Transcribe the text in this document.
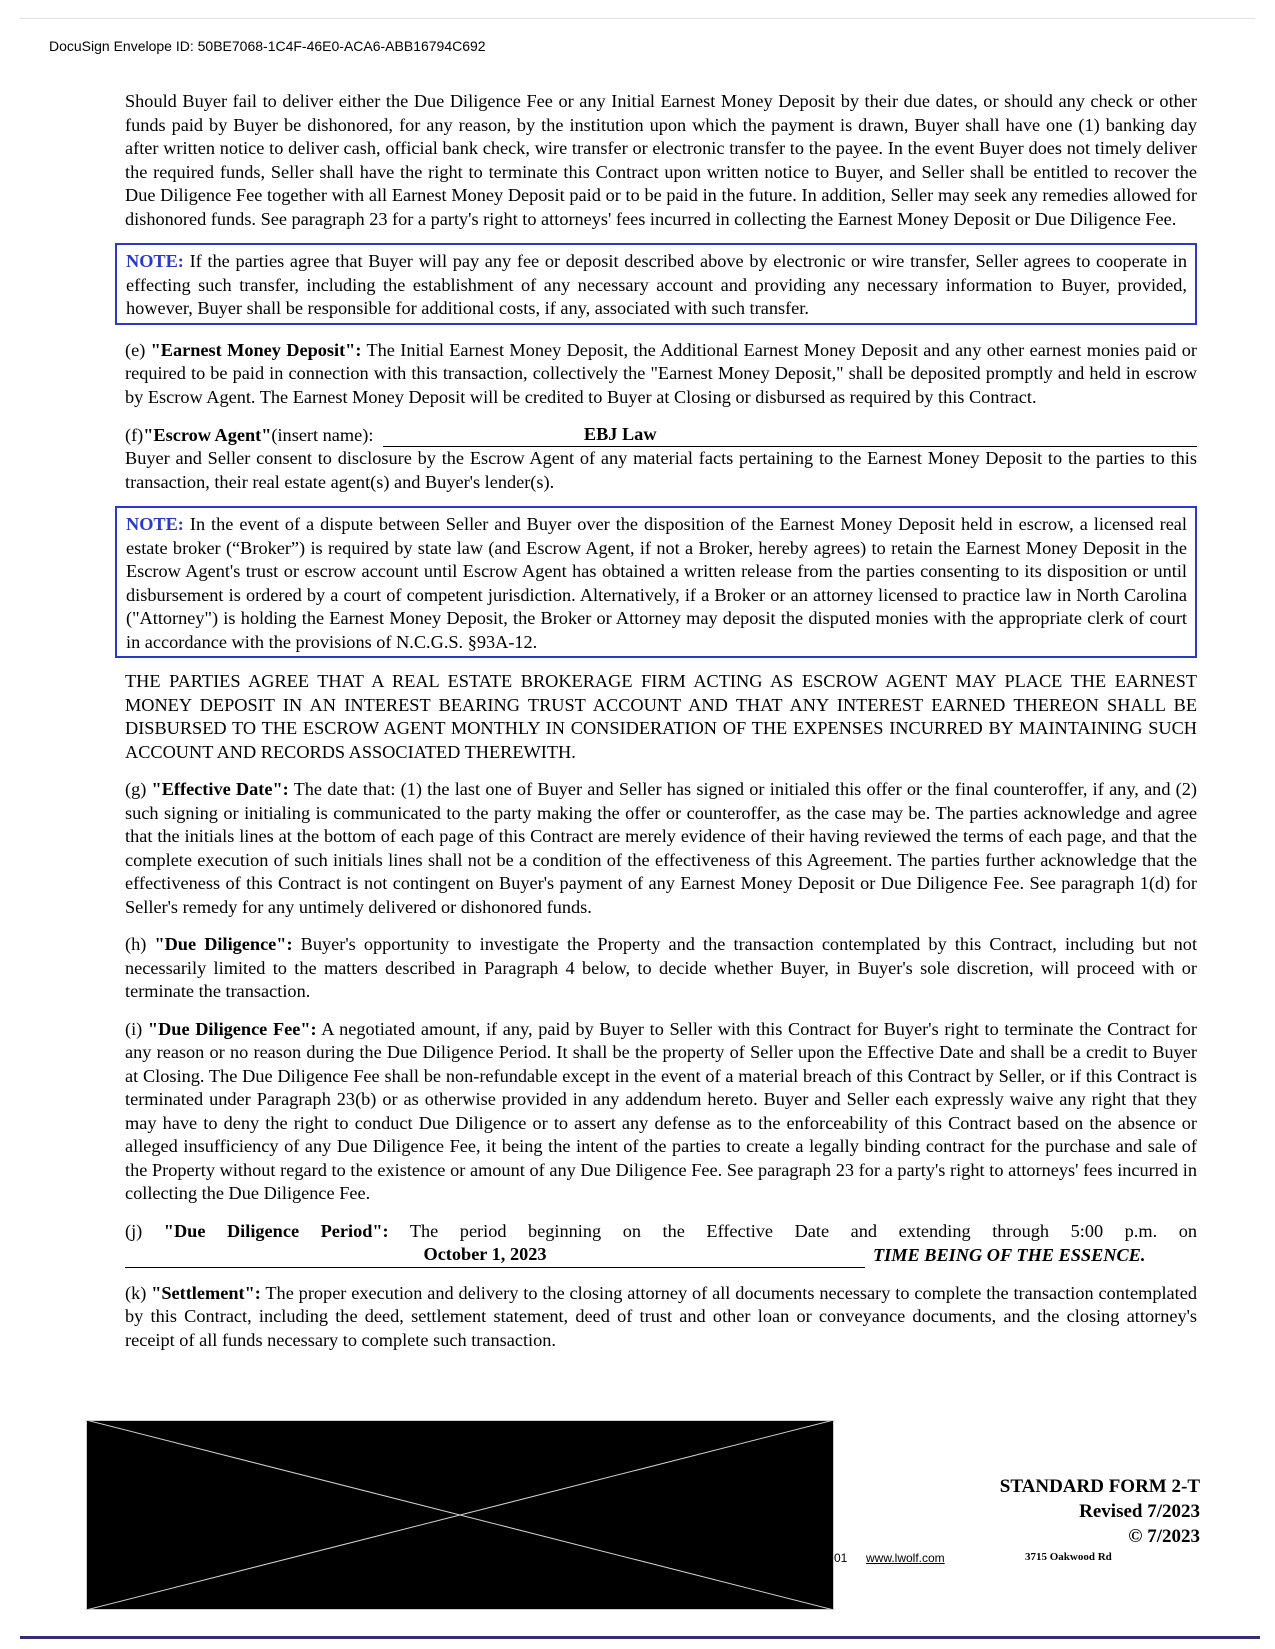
DocuSign Envelope ID: 50BE7068-1C4F-46E0-ACA6-ABB16794C692

Should Buyer fail to deliver either the Due Diligence Fee or any Initial Earnest Money Deposit by their due dates, or should any check or other funds paid by Buyer be dishonored, for any reason, by the institution upon which the payment is drawn, Buyer shall have one (1) banking day after written notice to deliver cash, official bank check, wire transfer or electronic transfer to the payee. In the event Buyer does not timely deliver the required funds, Seller shall have the right to terminate this Contract upon written notice to Buyer, and Seller shall be entitled to recover the Due Diligence Fee together with all Earnest Money Deposit paid or to be paid in the future. In addition, Seller may seek any remedies allowed for dishonored funds. See paragraph 23 for a party's right to attorneys' fees incurred in collecting the Earnest Money Deposit or Due Diligence Fee.

NOTE: If the parties agree that Buyer will pay any fee or deposit described above by electronic or wire transfer, Seller agrees to cooperate in effecting such transfer, including the establishment of any necessary account and providing any necessary information to Buyer, provided, however, Buyer shall be responsible for additional costs, if any, associated with such transfer.

(e) "Earnest Money Deposit": The Initial Earnest Money Deposit, the Additional Earnest Money Deposit and any other earnest monies paid or required to be paid in connection with this transaction, collectively the "Earnest Money Deposit," shall be deposited promptly and held in escrow by Escrow Agent. The Earnest Money Deposit will be credited to Buyer at Closing or disbursed as required by this Contract.

(f) "Escrow Agent" (insert name):	EBJ Law

Buyer and Seller consent to disclosure by the Escrow Agent of any material facts pertaining to the Earnest Money Deposit to the parties to this transaction, their real estate agent(s) and Buyer's lender(s).

NOTE: In the event of a dispute between Seller and Buyer over the disposition of the Earnest Money Deposit held in escrow, a licensed real estate broker (“Broker”) is required by state law (and Escrow Agent, if not a Broker, hereby agrees) to retain the Earnest Money Deposit in the Escrow Agent's trust or escrow account until Escrow Agent has obtained a written release from the parties consenting to its disposition or until disbursement is ordered by a court of competent jurisdiction. Alternatively, if a Broker or an attorney licensed to practice law in North Carolina ("Attorney") is holding the Earnest Money Deposit, the Broker or Attorney may deposit the disputed monies with the appropriate clerk of court in accordance with the provisions of N.C.G.S. §93A-12.

THE PARTIES AGREE THAT A REAL ESTATE BROKERAGE FIRM ACTING AS ESCROW AGENT MAY PLACE THE EARNEST MONEY DEPOSIT IN AN INTEREST BEARING TRUST ACCOUNT AND THAT ANY INTEREST EARNED THEREON SHALL BE DISBURSED TO THE ESCROW AGENT MONTHLY IN CONSIDERATION OF THE EXPENSES INCURRED BY MAINTAINING SUCH ACCOUNT AND RECORDS ASSOCIATED THEREWITH.

(g) "Effective Date": The date that: (1) the last one of Buyer and Seller has signed or initialed this offer or the final counteroffer, if any, and (2) such signing or initialing is communicated to the party making the offer or counteroffer, as the case may be. The parties acknowledge and agree that the initials lines at the bottom of each page of this Contract are merely evidence of their having reviewed the terms of each page, and that the complete execution of such initials lines shall not be a condition of the effectiveness of this Agreement. The parties further acknowledge that the effectiveness of this Contract is not contingent on Buyer's payment of any Earnest Money Deposit or Due Diligence Fee. See paragraph 1(d) for Seller's remedy for any untimely delivered or dishonored funds.

(h) "Due Diligence": Buyer's opportunity to investigate the Property and the transaction contemplated by this Contract, including but not necessarily limited to the matters described in Paragraph 4 below, to decide whether Buyer, in Buyer's sole discretion, will proceed with or terminate the transaction.

(i) "Due Diligence Fee": A negotiated amount, if any, paid by Buyer to Seller with this Contract for Buyer's right to terminate the Contract for any reason or no reason during the Due Diligence Period. It shall be the property of Seller upon the Effective Date and shall be a credit to Buyer at Closing. The Due Diligence Fee shall be non-refundable except in the event of a material breach of this Contract by Seller, or if this Contract is terminated under Paragraph 23(b) or as otherwise provided in any addendum hereto. Buyer and Seller each expressly waive any right that they may have to deny the right to conduct Due Diligence or to assert any defense as to the enforceability of this Contract based on the absence or alleged insufficiency of any Due Diligence Fee, it being the intent of the parties to create a legally binding contract for the purchase and sale of the Property without regard to the existence or amount of any Due Diligence Fee. See paragraph 23 for a party's right to attorneys' fees incurred in collecting the Due Diligence Fee.

(j) "Due Diligence Period": The period beginning on the Effective Date and extending through 5:00 p.m. on

October 1, 2023	TIME BEING OF THE ESSENCE.

(k) "Settlement": The proper execution and delivery to the closing attorney of all documents necessary to complete the transaction contemplated by this Contract, including the deed, settlement statement, deed of trust and other loan or conveyance documents, and the closing attorney's receipt of all funds necessary to complete such transaction.

01 www.lwolf.com	3715 Oakwood Rd
STANDARD FORM 2-T
Revised 7/2023
© 7/2023
